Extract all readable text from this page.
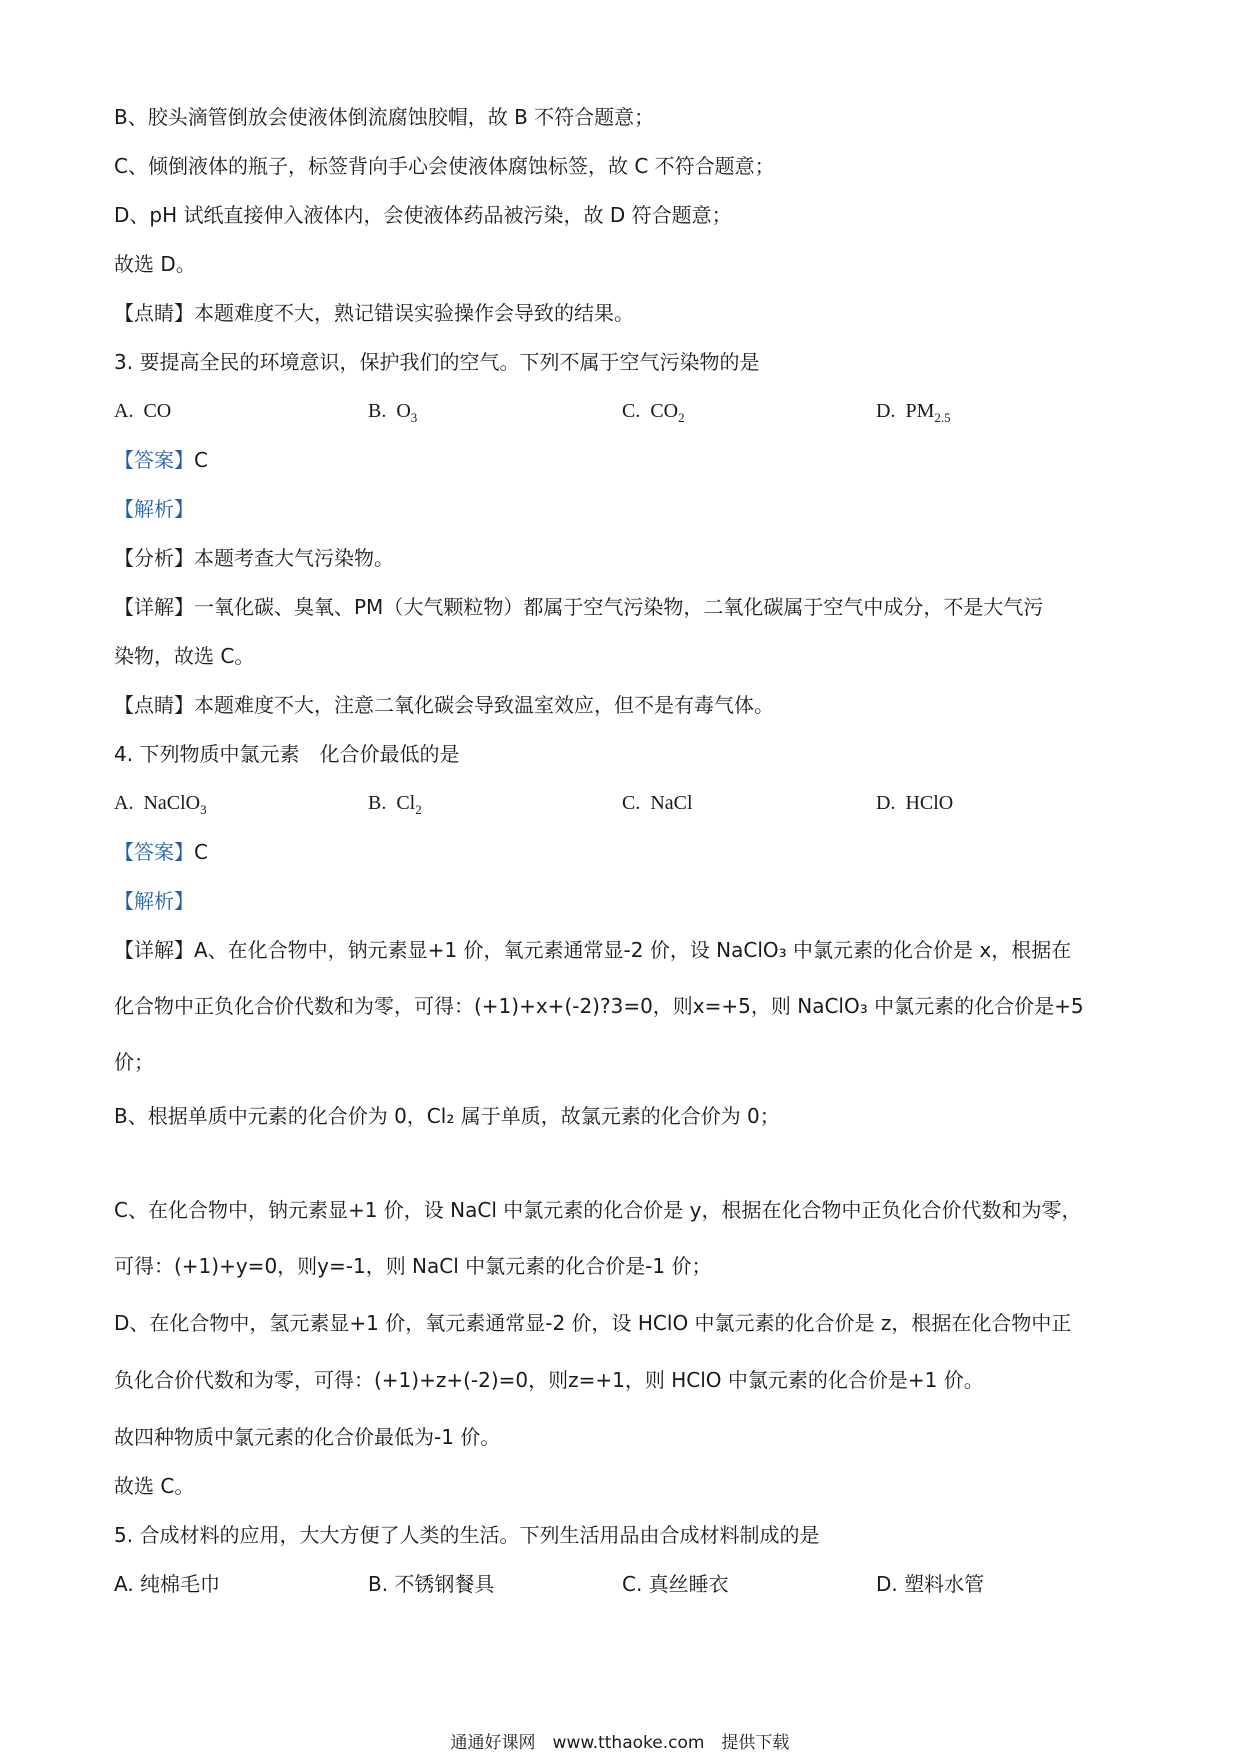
B、胶头滴管倒放会使液体倒流腐蚀胶帽，故 B 不符合题意；
C、倾倒液体的瓶子，标签背向手心会使液体腐蚀标签，故 C 不符合题意；
D、pH 试纸直接伸入液体内，会使液体药品被污染，故 D 符合题意；
故选 D。
【点睛】本题难度不大，熟记错误实验操作会导致的结果。
3. 要提高全民的环境意识，保护我们的空气。下列不属于空气污染物的是
A. CO	B. $O_3$	C. $CO_2$	D. $PM_{2.5}$
【答案】C
【解析】
【分析】本题考查大气污染物。
【详解】一氧化碳、臭氧、PM（大气颗粒物）都属于空气污染物，二氧化碳属于空气中成分，不是大气污
染物，故选 C。
【点睛】本题难度不大，注意二氧化碳会导致温室效应，但不是有毒气体。
4. 下列物质中氯元素　化合价最低的是
A. NaClO$_3$	B. $Cl_2$	C. NaCl	D. HClO
【答案】C
【解析】
【详解】A、在化合物中，钠元素显+1 价，氧元素通常显-2 价，设 NaClO₃ 中氯元素的化合价是 x，根据在
化合物中正负化合价代数和为零，可得：(+1)+x+(-2)?3=0，则x=+5，则 NaClO₃ 中氯元素的化合价是+5
价；
B、根据单质中元素的化合价为 0，Cl₂ 属于单质，故氯元素的化合价为 0；
C、在化合物中，钠元素显+1 价，设 NaCl 中氯元素的化合价是 y，根据在化合物中正负化合价代数和为零，
可得：(+1)+y=0，则y=-1，则 NaCl 中氯元素的化合价是-1 价；
D、在化合物中，氢元素显+1 价，氧元素通常显-2 价，设 HClO 中氯元素的化合价是 z，根据在化合物中正
负化合价代数和为零，可得：(+1)+z+(-2)=0，则z=+1，则 HClO 中氯元素的化合价是+1 价。
故四种物质中氯元素的化合价最低为-1 价。
故选 C。
5. 合成材料的应用，大大方便了人类的生活。下列生活用品由合成材料制成的是
A. 纯棉毛巾	B. 不锈钢餐具	C. 真丝睡衣	D. 塑料水管
通通好课网　www.tthaoke.com　提供下载
